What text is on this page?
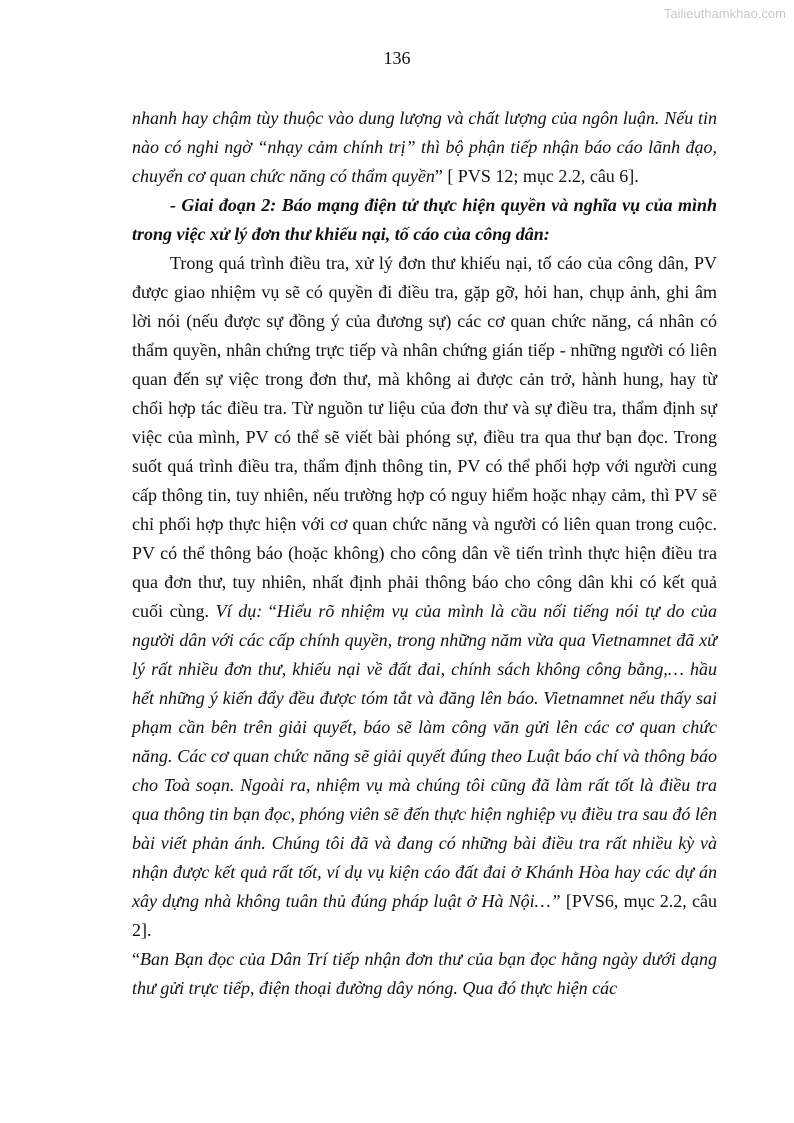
Tailieuthamkhao.com
136

nhanh hay chậm tùy thuộc vào dung lượng và chất lượng của ngôn luận. Nếu tin nào có nghi ngờ “nhạy cảm chính trị” thì bộ phận tiếp nhận báo cáo lãnh đạo, chuyển cơ quan chức năng có thẩm quyền” [ PVS 12; mục 2.2, câu 6].

- Giai đoạn 2: Báo mạng điện tử thực hiện quyền và nghĩa vụ của mình trong việc xử lý đơn thư khiếu nại, tố cáo của công dân:

Trong quá trình điều tra, xử lý đơn thư khiếu nại, tố cáo của công dân, PV được giao nhiệm vụ sẽ có quyền đi điều tra, gặp gỡ, hỏi han, chụp ảnh, ghi âm lời nói (nếu được sự đồng ý của đương sự) các cơ quan chức năng, cá nhân có thẩm quyền, nhân chứng trực tiếp và nhân chứng gián tiếp - những người có liên quan đến sự việc trong đơn thư, mà không ai được cản trở, hành hung, hay từ chối hợp tác điều tra. Từ nguồn tư liệu của đơn thư và sự điều tra, thẩm định sự việc của mình, PV có thể sẽ viết bài phóng sự, điều tra qua thư bạn đọc. Trong suốt quá trình điều tra, thẩm định thông tin, PV có thể phối hợp với người cung cấp thông tin, tuy nhiên, nếu trường hợp có nguy hiểm hoặc nhạy cảm, thì PV sẽ chỉ phối hợp thực hiện với cơ quan chức năng và người có liên quan trong cuộc. PV có thể thông báo (hoặc không) cho công dân về tiến trình thực hiện điều tra qua đơn thư, tuy nhiên, nhất định phải thông báo cho công dân khi có kết quả cuối cùng. Ví dụ: “Hiểu rõ nhiệm vụ của mình là cầu nối tiếng nói tự do của người dân với các cấp chính quyền, trong những năm vừa qua Vietnamnet đã xử lý rất nhiều đơn thư, khiếu nại về đất đai, chính sách không công bằng,… hầu hết những ý kiến đẩy đều được tóm tắt và đăng lên báo. Vietnamnet nếu thấy sai phạm cần bên trên giải quyết, báo sẽ làm công văn gửi lên các cơ quan chức năng. Các cơ quan chức năng sẽ giải quyết đúng theo Luật báo chí và thông báo cho Toà soạn. Ngoài ra, nhiệm vụ mà chúng tôi cũng đã làm rất tốt là điều tra qua thông tin bạn đọc, phóng viên sẽ đến thực hiện nghiệp vụ điều tra sau đó lên bài viết phản ánh. Chúng tôi đã và đang có những bài điều tra rất nhiều kỳ và nhận được kết quả rất tốt, ví dụ vụ kiện cáo đất đai ở Khánh Hòa hay các dự án xây dựng nhà không tuân thủ đúng pháp luật ở Hà Nội…” [PVS6, mục 2.2, câu 2].

“Ban Bạn đọc của Dân Trí tiếp nhận đơn thư của bạn đọc hằng ngày dưới dạng thư gửi trực tiếp, điện thoại đường dây nóng. Qua đó thực hiện các
